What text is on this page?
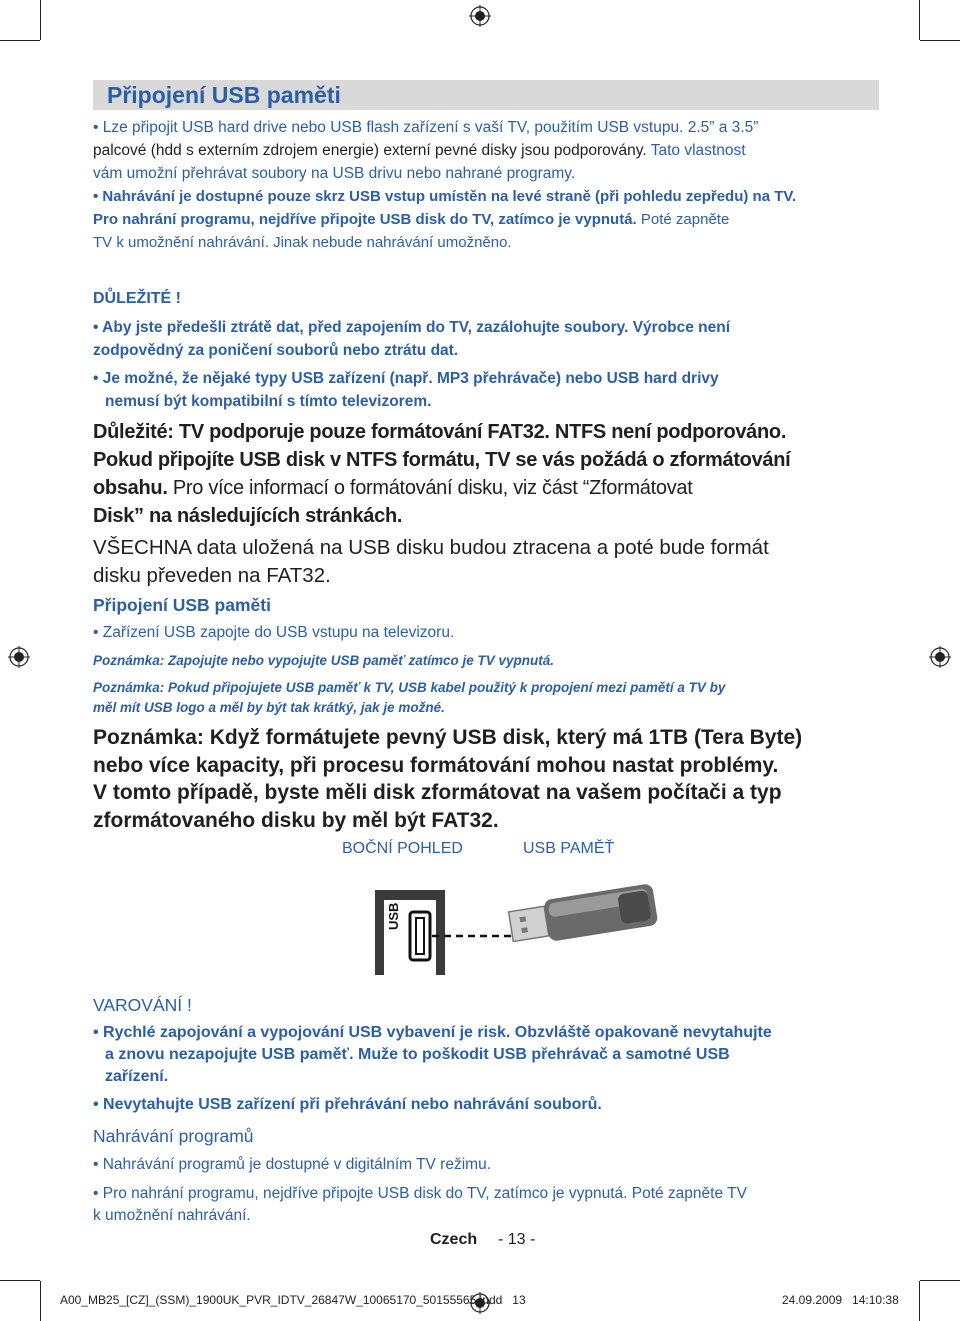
Připojení USB paměti
• Lze připojit USB hard drive nebo USB flash zařízení s vaší TV, použitím USB vstupu. 2.5” a 3.5”
palcové (hdd s externím zdrojem energie) externí pevné disky jsou podporovány. Tato vlastnost
vám umožní přehrávat soubory na USB drivu nebo nahrané programy.
• Nahrávání je dostupné pouze skrz USB vstup umístěn na levé straně (při pohledu zepředu) na TV.
Pro nahrání programu, nejdříve připojte USB disk do TV, zatímco je vypnutá. Poté zapněte
TV k umožnění nahrávání. Jinak nebude nahrávání umožněno.
DŮLEŽITÉ !
• Aby jste předešli ztrátě dat, před zapojením do TV, zazálohujte soubory. Výrobce není
zodpovědný za poničení souborů nebo ztrátu dat.
• Je možné, že nějaké typy USB zařízení (např. MP3 přehrávače) nebo USB hard drivy
nemusí být kompatibilní s tímto televizorem.
Důležité: TV podporuje pouze formátování FAT32. NTFS není podporováno.
Pokud připojíte USB disk v NTFS formátu, TV se vás požádá o zformátování
obsahu. Pro více informací o formátování disku, viz část “Zformátovat
Disk” na následujících stránkách.
VŠECHNA data uložená na USB disku budou ztracena a poté bude formát
disku převeden na FAT32.
Připojení USB paměti
• Zařízení USB zapojte do USB vstupu na televizoru.
Poznámka: Zapojujte nebo vypojujte USB paměť zatímco je TV vypnutá.
Poznámka: Pokud připojujete USB paměť k TV, USB kabel použitý k propojení mezi pamětí a TV by
měl mít USB logo a měl by být tak krátký, jak je možné.
Poznámka: Když formátujete pevný USB disk, který má 1TB (Tera Byte)
nebo více kapacity, při procesu formátování mohou nastat problémy.
V tomto případě, byste měli disk zformátovat na vašem počítači a typ
zformátovaného disku by měl být FAT32.
BOČNÍ POHLED	USB PAMĚŤ
USB
VAROVÁNÍ !
• Rychlé zapojování a vypojování USB vybavení je risk. Obzvláště opakovaně nevytahujte
a znovu nezapojujte USB paměť. Muže to poškodit USB přehrávač a samotné USB
zařízení.
• Nevytahujte USB zařízení při přehrávání nebo nahrávání souborů.
Nahrávání programů
• Nahrávání programů je dostupné v digitálním TV režimu.
• Pro nahrání programu, nejdříve připojte USB disk do TV, zatímco je vypnutá. Poté zapněte TV
k umožnění nahrávání.
Czech - 13 -
A00_MB25_[CZ]_(SSM)_1900UK_PVR_IDTV_26847W_10065170_50155565.indd   13	24.09.2009   14:10:38
